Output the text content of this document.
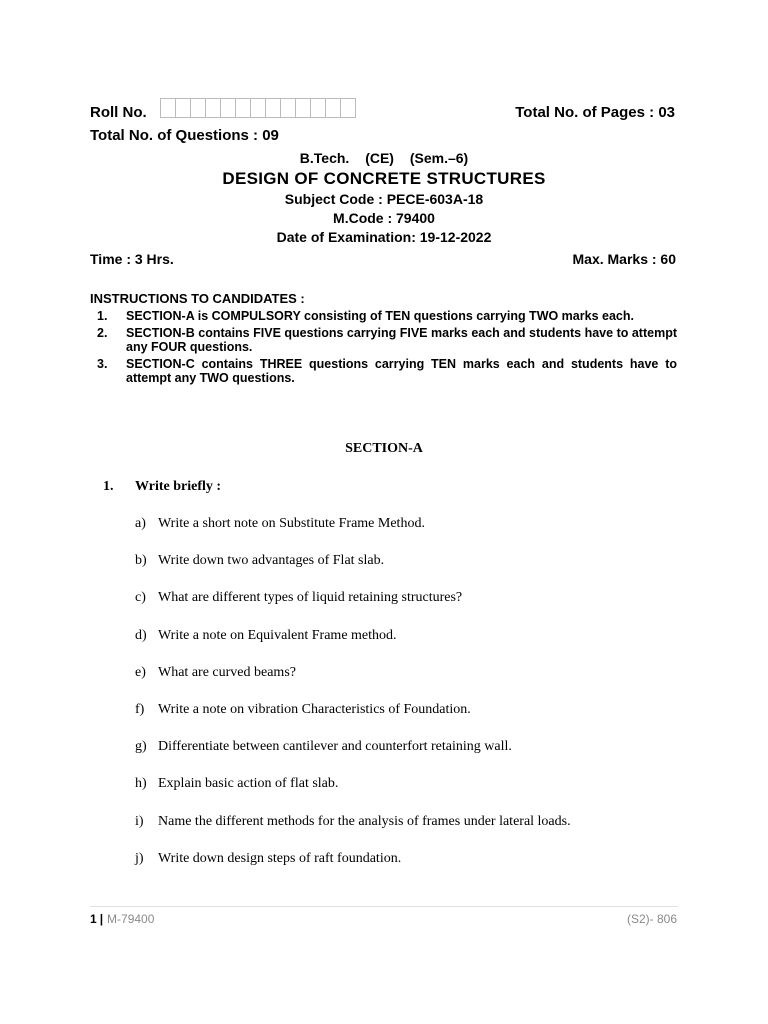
Roll No.	Total No. of Pages : 03
Total No. of Questions : 09
B.Tech. (CE) (Sem.–6)
DESIGN OF CONCRETE STRUCTURES
Subject Code : PECE-603A-18
M.Code : 79400
Date of Examination: 19-12-2022
Time : 3 Hrs.	Max. Marks : 60
INSTRUCTIONS TO CANDIDATES :
1.	SECTION-A is COMPULSORY consisting of TEN questions carrying TWO marks each.
2.	SECTION-B contains FIVE questions carrying FIVE marks each and students have to attempt any FOUR questions.
3.	SECTION-C contains THREE questions carrying TEN marks each and students have to attempt any TWO questions.
SECTION-A
1. Write briefly :
a) Write a short note on Substitute Frame Method.
b) Write down two advantages of Flat slab.
c) What are different types of liquid retaining structures?
d) Write a note on Equivalent Frame method.
e) What are curved beams?
f) Write a note on vibration Characteristics of Foundation.
g) Differentiate between cantilever and counterfort retaining wall.
h) Explain basic action of flat slab.
i)	Name the different methods for the analysis of frames under lateral loads.
j)	Write down design steps of raft foundation.
1 | M-79400	(S2)- 806
